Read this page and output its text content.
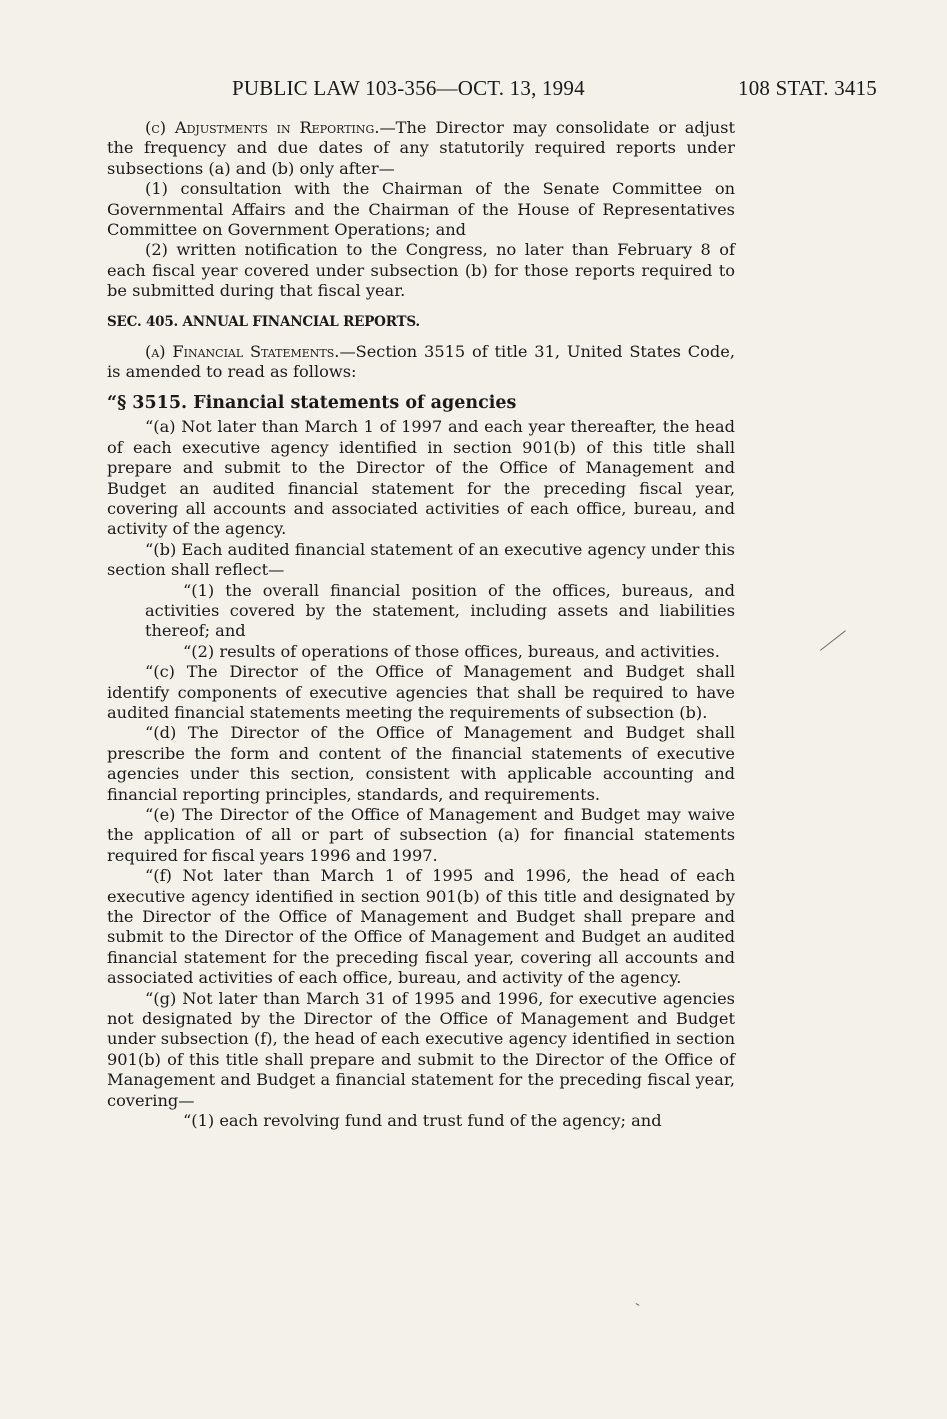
PUBLIC LAW 103-356—OCT. 13, 1994	108 STAT. 3415

(c) Adjustments in Reporting.—The Director may consolidate or adjust the frequency and due dates of any statutorily required reports under subsections (a) and (b) only after—

(1) consultation with the Chairman of the Senate Committee on Governmental Affairs and the Chairman of the House of Representatives Committee on Government Operations; and

(2) written notification to the Congress, no later than February 8 of each fiscal year covered under subsection (b) for those reports required to be submitted during that fiscal year.

SEC. 405. ANNUAL FINANCIAL REPORTS.

(a) Financial Statements.—Section 3515 of title 31, United States Code, is amended to read as follows:

“§ 3515. Financial statements of agencies

“(a) Not later than March 1 of 1997 and each year thereafter, the head of each executive agency identified in section 901(b) of this title shall prepare and submit to the Director of the Office of Management and Budget an audited financial statement for the preceding fiscal year, covering all accounts and associated activities of each office, bureau, and activity of the agency.

“(b) Each audited financial statement of an executive agency under this section shall reflect—

“(1) the overall financial position of the offices, bureaus, and activities covered by the statement, including assets and liabilities thereof; and

“(2) results of operations of those offices, bureaus, and activities.

“(c) The Director of the Office of Management and Budget shall identify components of executive agencies that shall be required to have audited financial statements meeting the requirements of subsection (b).

“(d) The Director of the Office of Management and Budget shall prescribe the form and content of the financial statements of executive agencies under this section, consistent with applicable accounting and financial reporting principles, standards, and requirements.

“(e) The Director of the Office of Management and Budget may waive the application of all or part of subsection (a) for financial statements required for fiscal years 1996 and 1997.

“(f) Not later than March 1 of 1995 and 1996, the head of each executive agency identified in section 901(b) of this title and designated by the Director of the Office of Management and Budget shall prepare and submit to the Director of the Office of Management and Budget an audited financial statement for the preceding fiscal year, covering all accounts and associated activities of each office, bureau, and activity of the agency.

“(g) Not later than March 31 of 1995 and 1996, for executive agencies not designated by the Director of the Office of Management and Budget under subsection (f), the head of each executive agency identified in section 901(b) of this title shall prepare and submit to the Director of the Office of Management and Budget a financial statement for the preceding fiscal year, covering—

“(1) each revolving fund and trust fund of the agency; and
